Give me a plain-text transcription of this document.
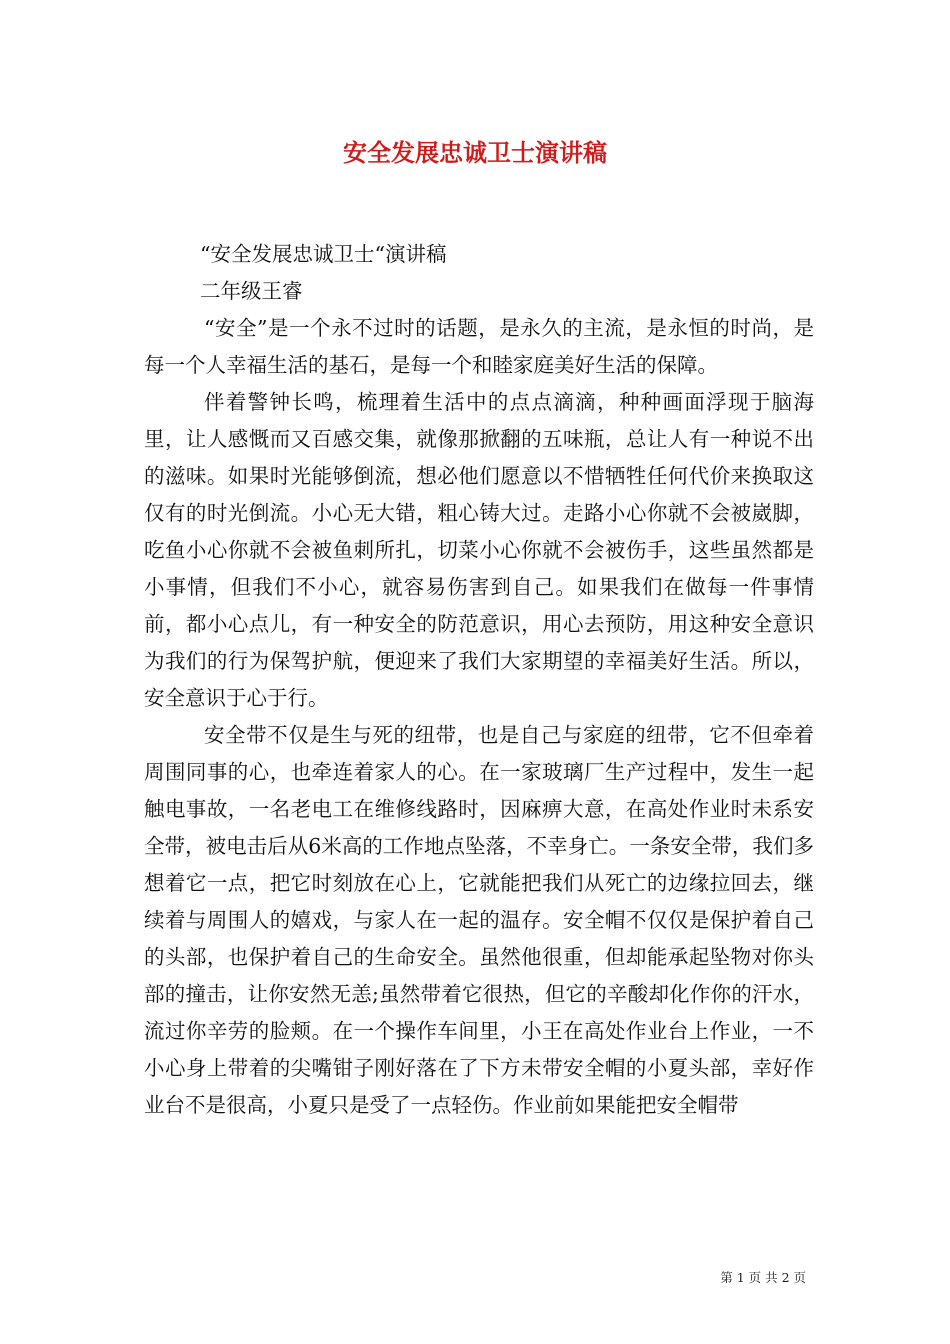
安全发展忠诚卫士演讲稿

“安全发展忠诚卫士“演讲稿

二年级王睿

“安全”是一个永不过时的话题，是永久的主流，是永恒的时尚，是每一个人幸福生活的基石，是每一个和睦家庭美好生活的保障。

伴着警钟长鸣，梳理着生活中的点点滴滴，种种画面浮现于脑海里，让人感慨而又百感交集，就像那掀翻的五味瓶，总让人有一种说不出的滋味。如果时光能够倒流，想必他们愿意以不惜牺牲任何代价来换取这仅有的时光倒流。小心无大错，粗心铸大过。走路小心你就不会被崴脚，吃鱼小心你就不会被鱼刺所扎，切菜小心你就不会被伤手，这些虽然都是小事情，但我们不小心，就容易伤害到自己。如果我们在做每一件事情前，都小心点儿，有一种安全的防范意识，用心去预防，用这种安全意识为我们的行为保驾护航，便迎来了我们大家期望的幸福美好生活。所以，安全意识于心于行。

安全带不仅是生与死的纽带，也是自己与家庭的纽带，它不但牵着周围同事的心，也牵连着家人的心。在一家玻璃厂生产过程中，发生一起触电事故，一名老电工在维修线路时，因麻痹大意，在高处作业时未系安全带，被电击后从6米高的工作地点坠落，不幸身亡。一条安全带，我们多想着它一点，把它时刻放在心上，它就能把我们从死亡的边缘拉回去，继续着与周围人的嬉戏，与家人在一起的温存。安全帽不仅仅是保护着自己的头部，也保护着自己的生命安全。虽然他很重，但却能承起坠物对你头部的撞击，让你安然无恙;虽然带着它很热，但它的辛酸却化作你的汗水，流过你辛劳的脸颊。在一个操作车间里，小王在高处作业台上作业，一不小心身上带着的尖嘴钳子刚好落在了下方未带安全帽的小夏头部，幸好作业台不是很高，小夏只是受了一点轻伤。作业前如果能把安全帽带

第 1 页 共 2 页
